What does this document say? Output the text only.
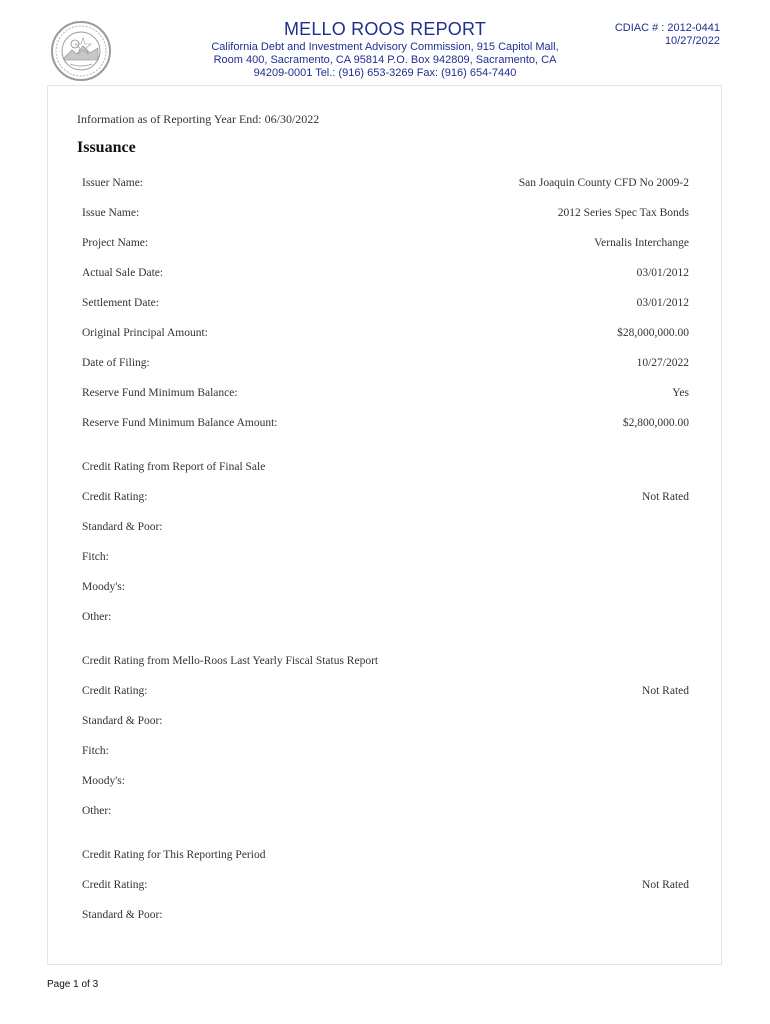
MELLO ROOS REPORT
California Debt and Investment Advisory Commission, 915 Capitol Mall,
Room 400, Sacramento, CA 95814 P.O. Box 942809, Sacramento, CA
94209-0001 Tel.: (916) 653-3269 Fax: (916) 654-7440
CDIAC # : 2012-0441
10/27/2022
Information as of Reporting Year End: 06/30/2022
Issuance
Issuer Name:	San Joaquin County CFD No 2009-2
Issue Name:	2012 Series Spec Tax Bonds
Project Name:	Vernalis Interchange
Actual Sale Date:	03/01/2012
Settlement Date:	03/01/2012
Original Principal Amount:	$28,000,000.00
Date of Filing:	10/27/2022
Reserve Fund Minimum Balance:	Yes
Reserve Fund Minimum Balance Amount:	$2,800,000.00
Credit Rating from Report of Final Sale
Credit Rating:	Not Rated
Standard & Poor:
Fitch:
Moody's:
Other:
Credit Rating from Mello-Roos Last Yearly Fiscal Status Report
Credit Rating:	Not Rated
Standard & Poor:
Fitch:
Moody's:
Other:
Credit Rating for This Reporting Period
Credit Rating:	Not Rated
Standard & Poor:
Page 1 of 3
